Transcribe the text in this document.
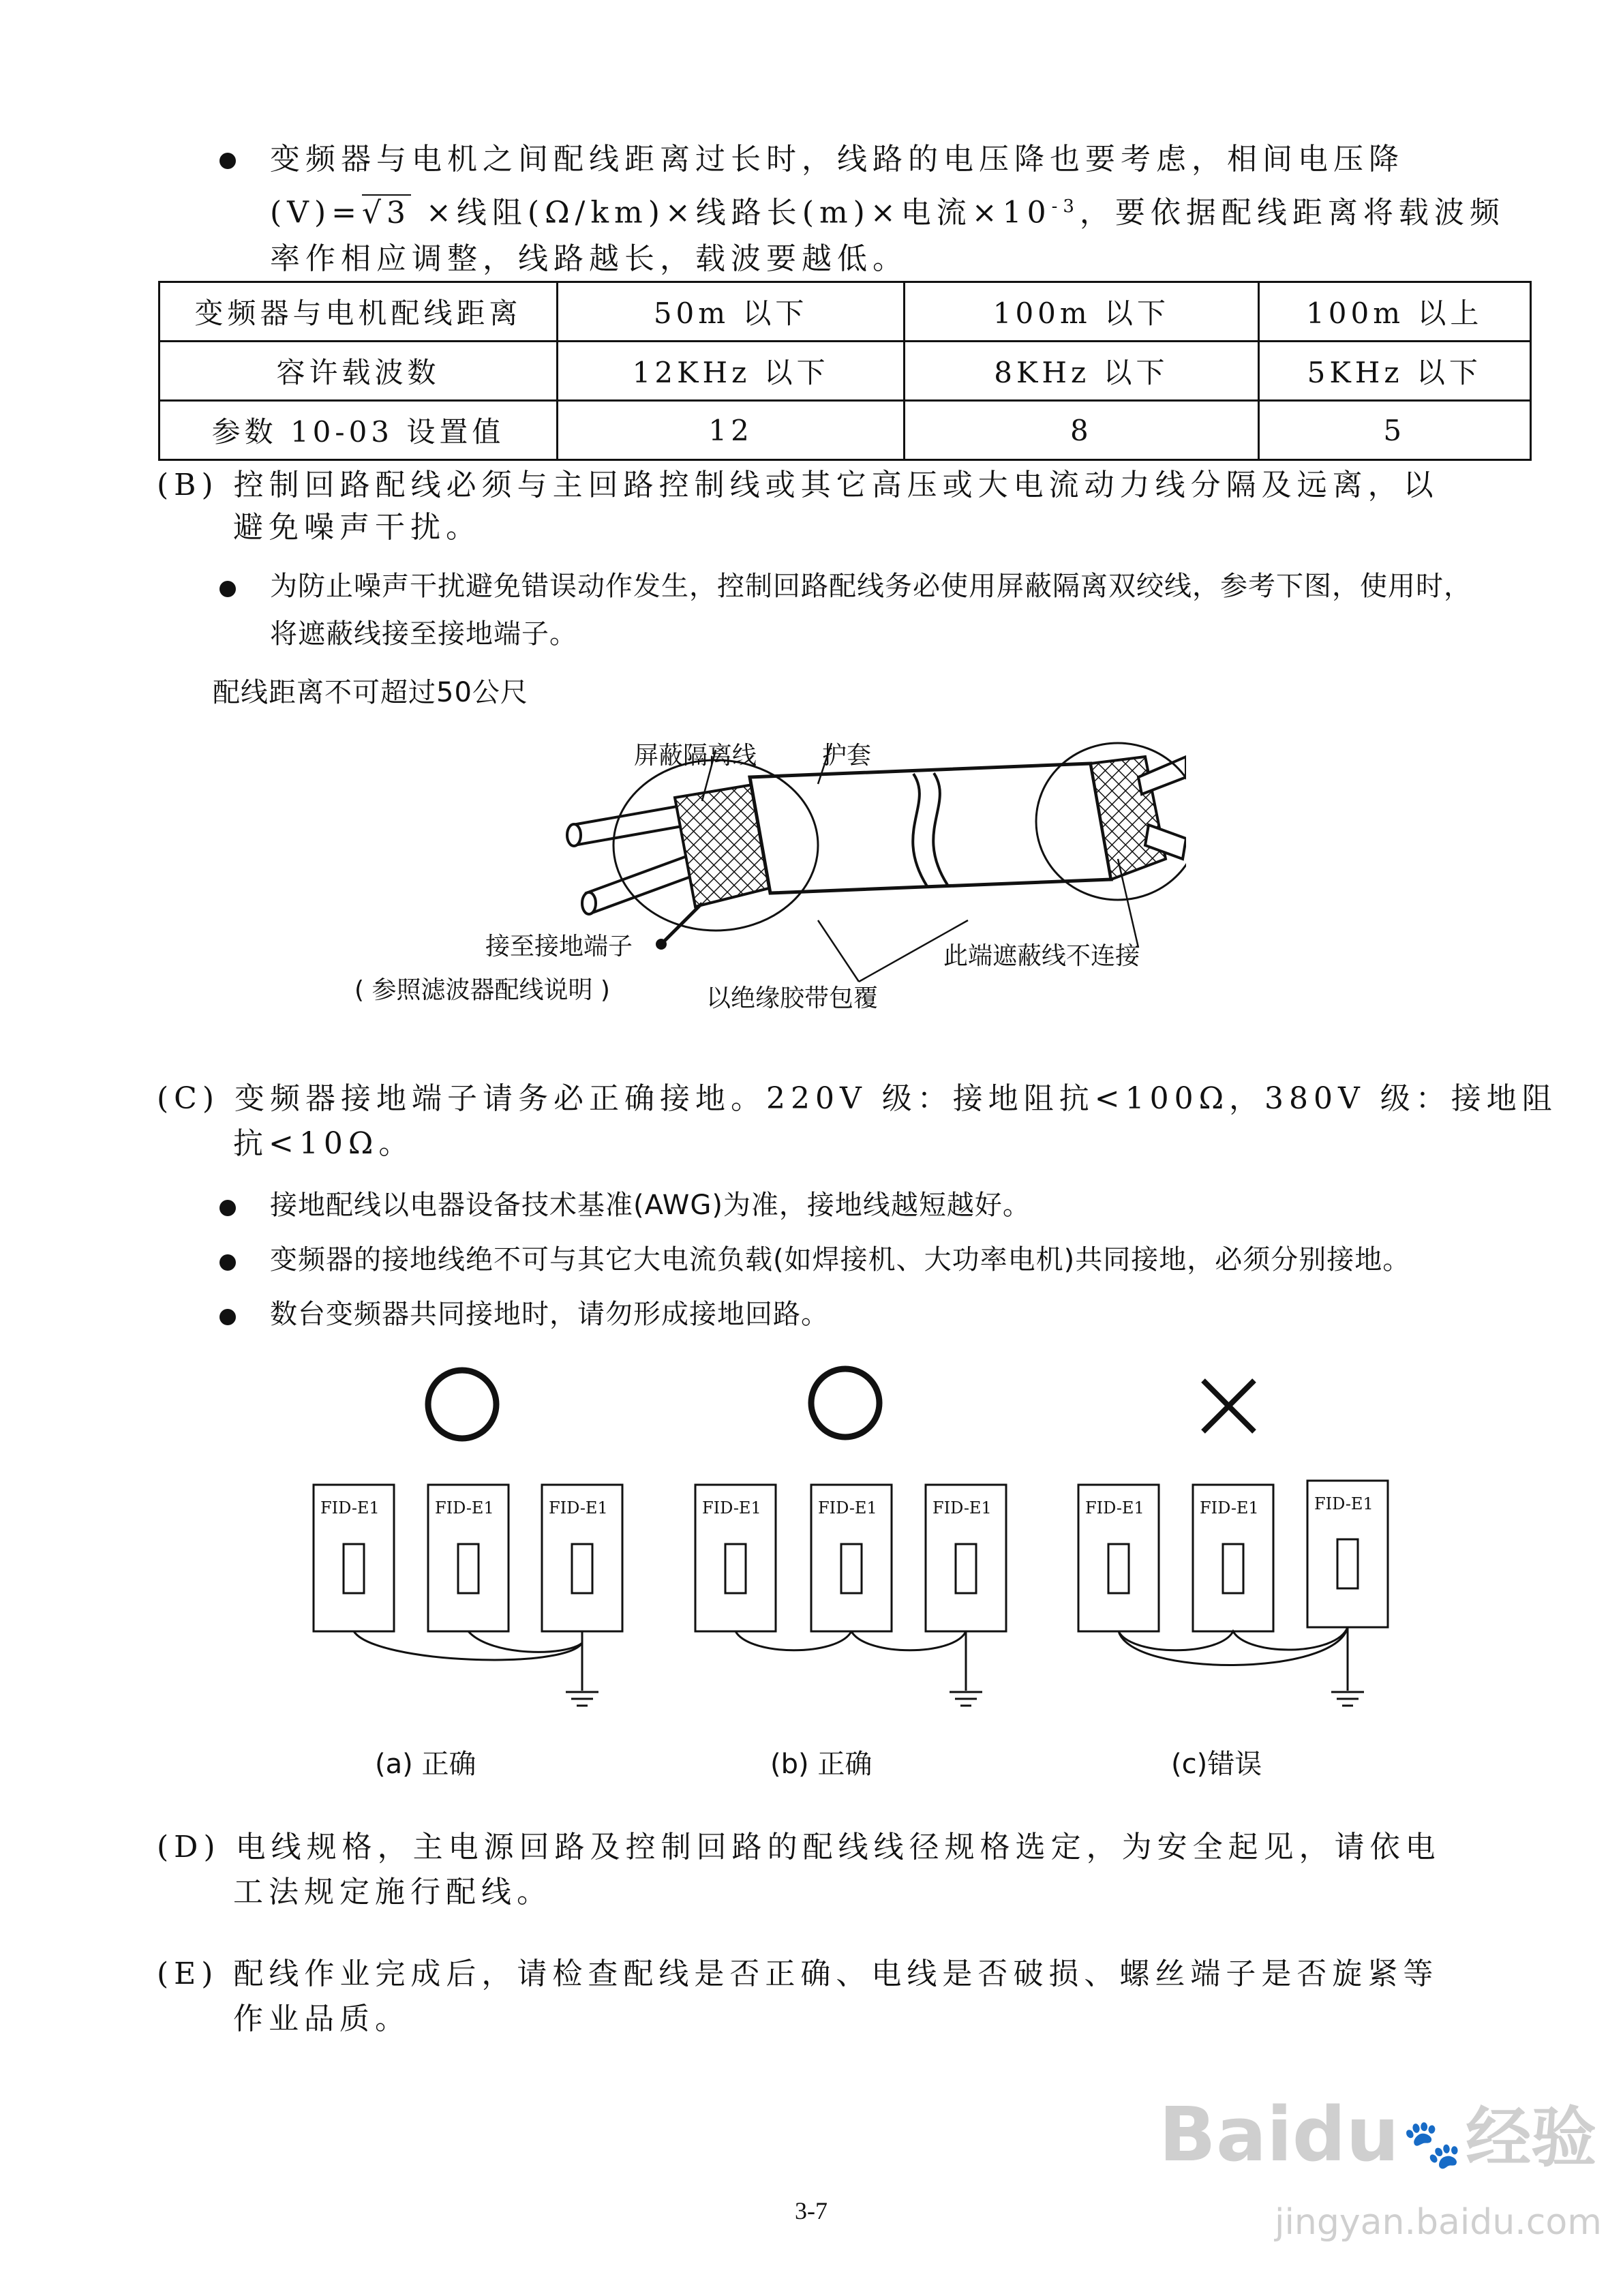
变频器与电机之间配线距离过长时，线路的电压降也要考虑，相间电压降
(V)=√3 ×线阻(Ω/km)×线路长(m)×电流$\times 10^{-3}$，要依据配线距离将载波频
率作相应调整，线路越长，载波要越低。
变频器与电机配线距离	50m 以下	100m 以下	100m 以上
容许载波数	12KHz 以下	8KHz 以下	5KHz 以下
参数 10-03 设置值	12	8	5
(B) 控制回路配线必须与主回路控制线或其它高压或大电流动力线分隔及远离，以
避免噪声干扰。
为防止噪声干扰避免错误动作发生，控制回路配线务必使用屏蔽隔离双绞线，参考下图，使用时，
将遮蔽线接至接地端子。
配线距离不可超过50公尺
屏蔽隔离线	护套
接至接地端子
( 参照滤波器配线说明 )	以绝缘胶带包覆
此端遮蔽线不连接
(C) 变频器接地端子请务必正确接地。220V 级：接地阻抗<100Ω，380V 级：接地阻
抗<10Ω。
接地配线以电器设备技术基准(AWG)为准，接地线越短越好。
变频器的接地线绝不可与其它大电流负载(如焊接机、大功率电机)共同接地，必须分别接地。
数台变频器共同接地时，请勿形成接地回路。
FID-E1	FID-E1	FID-E1	FID-E1	FID-E1	FID-E1	FID-E1	FID-E1	FID-E1
(a) 正确	(b) 正确	(c)错误
(D) 电线规格，主电源回路及控制回路的配线线径规格选定，为安全起见，请依电
工法规定施行配线。
(E) 配线作业完成后，请检查配线是否正确、电线是否破损、螺丝端子是否旋紧等
作业品质。
Baidu 🐾 经验
jingyan.baidu.com
3-7
